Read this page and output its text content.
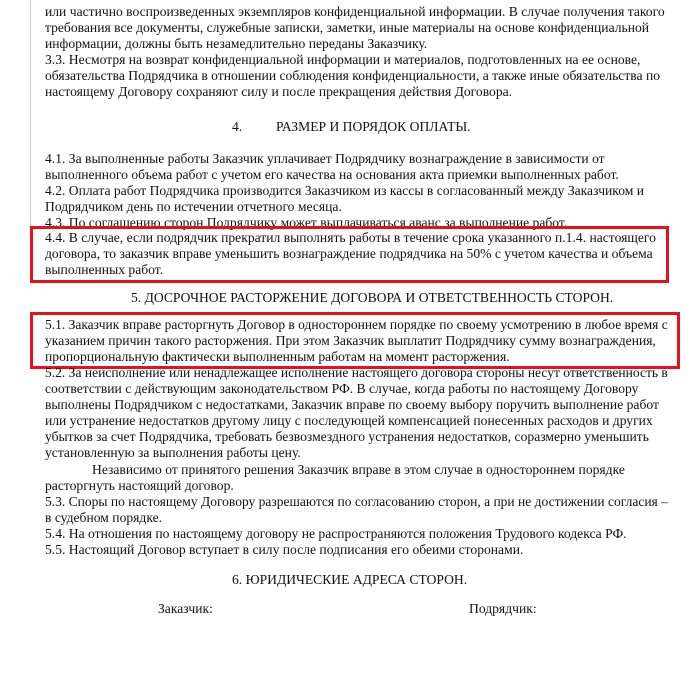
или частично воспроизведенных экземпляров конфиденциальной информации. В случае получения такого
требования все документы, служебные записки, заметки, иные материалы на основе конфиденциальной
информации, должны быть незамедлительно переданы Заказчику.
3.3. Несмотря на возврат конфиденциальной информации и материалов, подготовленных на ее основе,
обязательства Подрядчика в отношении соблюдения конфиденциальности, а также иные обязательства по
настоящему Договору сохраняют силу и после прекращения действия Договора.
4. РАЗМЕР И ПОРЯДОК ОПЛАТЫ.
4.1. За выполненные работы Заказчик уплачивает Подрядчику вознаграждение в зависимости от
выполненного объема работ с учетом его качества на основания акта приемки выполненных работ.
4.2. Оплата работ Подрядчика производится Заказчиком из кассы в согласованный между Заказчиком и
Подрядчиком день по истечении отчетного месяца.
4.3. По соглашению сторон Подрядчику может выплачиваться аванс за выполнение работ.
4.4. В случае, если подрядчик прекратил выполнять работы в течение срока указанного п.1.4. настоящего
договора, то заказчик вправе уменьшить вознаграждение подрядчика на 50% с учетом качества и объема
выполненных работ.
5. ДОСРОЧНОЕ РАСТОРЖЕНИЕ ДОГОВОРА И ОТВЕТСТВЕННОСТЬ СТОРОН.
5.1. Заказчик вправе расторгнуть Договор в одностороннем порядке по своему усмотрению в любое время с
указанием причин такого расторжения. При этом Заказчик выплатит Подрядчику сумму вознаграждения,
пропорциональную фактически выполненным работам на момент расторжения.
5.2. За неисполнение или ненадлежащее исполнение настоящего договора стороны несут ответственность в
соответствии с действующим законодательством РФ. В случае, когда работы по настоящему Договору
выполнены Подрядчиком с недостатками, Заказчик вправе по своему выбору поручить выполнение работ
или устранение недостатков другому лицу с последующей компенсацией понесенных расходов и других
убытков за счет Подрядчика, требовать безвозмездного устранения недостатков, соразмерно уменьшить
установленную за выполнения работы цену.
Независимо от принятого решения Заказчик вправе в этом случае в одностороннем порядке
расторгнуть настоящий договор.
5.3. Споры по настоящему Договору разрешаются по согласованию сторон, а при не достижении согласия –
в судебном порядке.
5.4. На отношения по настоящему договору не распространяются положения Трудового кодекса РФ.
5.5. Настоящий Договор вступает в силу после подписания его обеими сторонами.
6. ЮРИДИЧЕСКИЕ АДРЕСА СТОРОН.
Заказчик:	Подрядчик:
